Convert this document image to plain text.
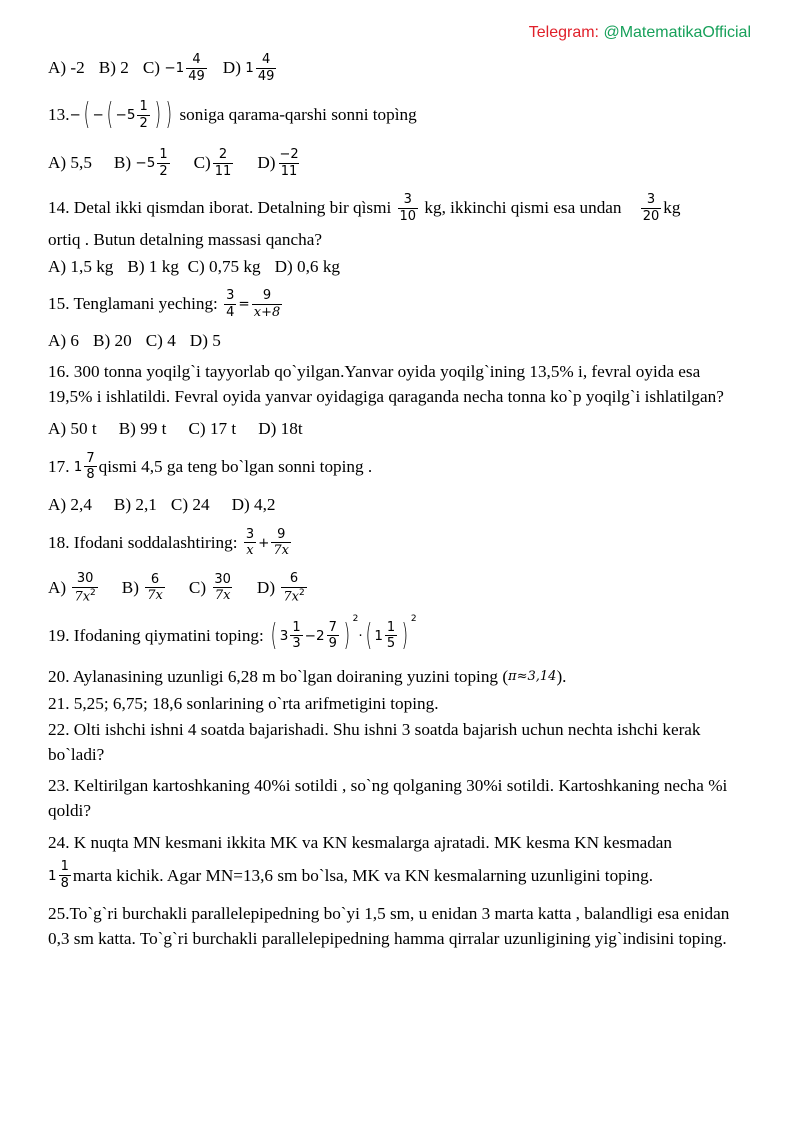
Telegram: @MatematikaOfficial
A) -2 B) 2 C)
$-1 \frac{4}{49} D$)
$1 \frac{4}{49}$
13. − ( − ( − $5 \frac{1}{2}$ ) )
soniga qarama-qarshi sonni topìng
A) 5,5 B)
$-5 \frac{1}{2} C) \frac{2}{11} D) \frac{-2}{11}$
14. Detal ikki qismdan iborat. Detalning bir qìsmi
$\frac{3}{10}$
kg, ikkinchi qismi esa undan
$\frac{3}{20}$ kg
ortiq . Butun detalning massasi qancha?
A) 1,5 kg B) 1 kg
C) 0,75 kg D) 0,6 kg
15. Tenglamani yeching:
$\frac{3}{4} = \frac{9}{x+8}$
A) 6 B) 20 C) 4 D) 5
16. 300 tonna yoqilg`i tayyorlab qo`yilgan.Yanvar oyida yoqilg`ining 13,5% i, fevral oyida esa 19,5% i ishlatildi. Fevral oyida yanvar oyidagiga qaraganda necha tonna ko`p yoqilg`i ishlatilgan?
A) 50 t B) 99 t C) 17 t D) 18t
17.
$1 \frac{7}{8}$ qismi 4,5 ga teng bo`lgan sonni toping .
A) 2,4 B) 2,1 C) 24 D) 4,2
18. Ifodani soddalashtiring:
$\frac{3}{x} + \frac{9}{7x}$
A)
$\frac{30}{7x^2} B$)
$\frac{6}{7x} C$)
$\frac{30}{7x} D$)
$\frac{6}{7x^2}$
19. Ifodaning qiymatini toping:
( $3 \frac{1}{3} - 2 \frac{7}{9}$ ) 2
· ( $1 \frac{1}{5}$ ) 2
20. Aylanasining uzunligi 6,28 m bo`lgan doiraning yuzini toping ( π≈3,14 ).
21. 5,25; 6,75; 18,6 sonlarining o`rta arifmetigini toping.
22. Olti ishchi ishni 4 soatda bajarishadi. Shu ishni 3 soatda bajarish uchun nechta ishchi kerak bo`ladi?
23. Keltirilgan kartoshkaning 40%i sotildi , so`ng qolganing 30%i sotildi. Kartoshkaning necha %i qoldi?
24. K nuqta MN kesmani ikkita MK va KN kesmalarga ajratadi. MK kesma KN kesmadan
$1 \frac{1}{8}$ marta kichik. Agar MN=13,6 sm bo`lsa, MK va KN kesmalarning uzunligini toping.
25.To`g`ri burchakli parallelepipedning bo`yi 1,5 sm, u enidan 3 marta katta , balandligi esa enidan 0,3 sm katta. To`g`ri burchakli parallelepipedning hamma qirralar uzunligining yig`indisini toping.
